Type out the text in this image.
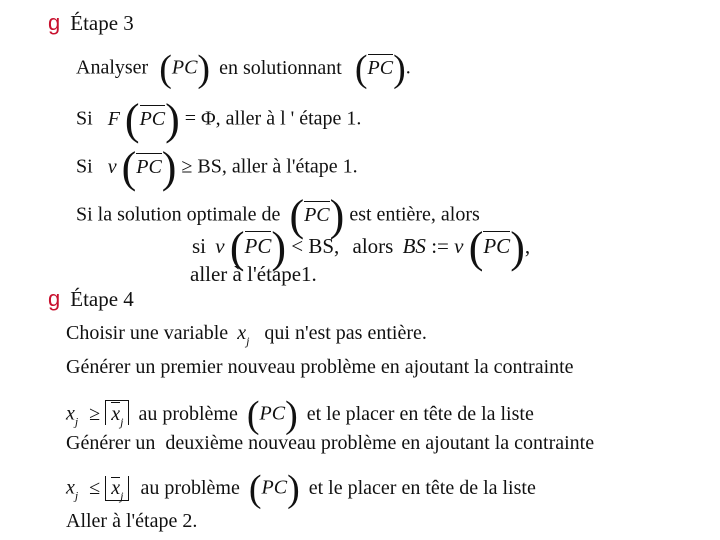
g Étape 3
Analyser (PC) en solutionnant (PC).
Si F (PC) = Φ, aller à l ' étape 1.
Si v (PC) ≥ BS, aller à l'étape 1.
Si la solution optimale de (PC) est entière, alors
si v (PC) < BS, alors BS := v (PC),
aller à l'étape1.
g Étape 4
Choisir une variable $x_j$ qui n'est pas entière.
Générer un premier nouveau problème en ajoutant la contrainte
$x_j \ge x_j$ au problème (PC) et le placer en tête de la liste
Générer un  deuxième nouveau problème en ajoutant la contrainte
$x_j \le x_j$ au problème (PC) et le placer en tête de la liste
Aller à l'étape 2.
